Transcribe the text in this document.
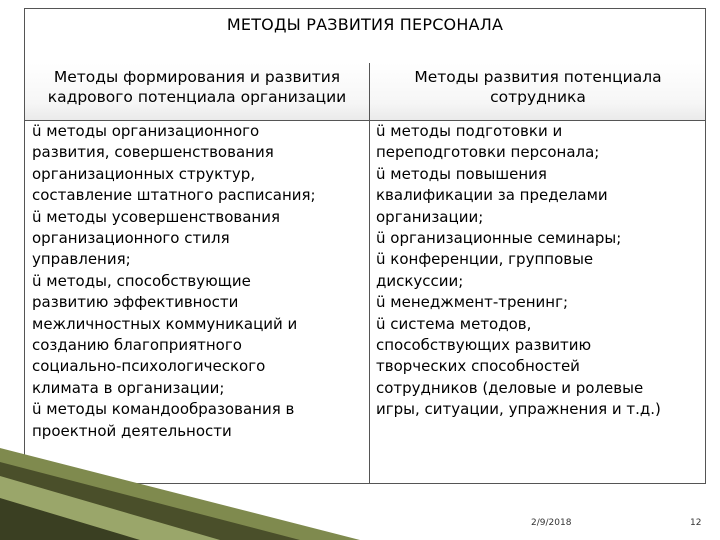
МЕТОДЫ РАЗВИТИЯ ПЕРСОНАЛА
Методы формирования и развития
кадрового потенциала организации
Методы развития потенциала
сотрудника
ü методы организационного
развития, совершенствования
организационных структур,
составление штатного расписания;
ü методы усовершенствования
организационного стиля
управления;
ü методы, способствующие
развитию эффективности
межличностных коммуникаций и
созданию благоприятного
социально-психологического
климата в организации;
ü методы командообразования в
проектной деятельности
ü методы подготовки и
переподготовки персонала;
ü методы повышения
квалификации за пределами
организации;
ü организационные семинары;
ü конференции, групповые
дискуссии;
ü менеджмент-тренинг;
ü система методов,
способствующих развитию
творческих способностей
сотрудников (деловые и ролевые
игры, ситуации, упражнения и т.д.)
2/9/2018	12
